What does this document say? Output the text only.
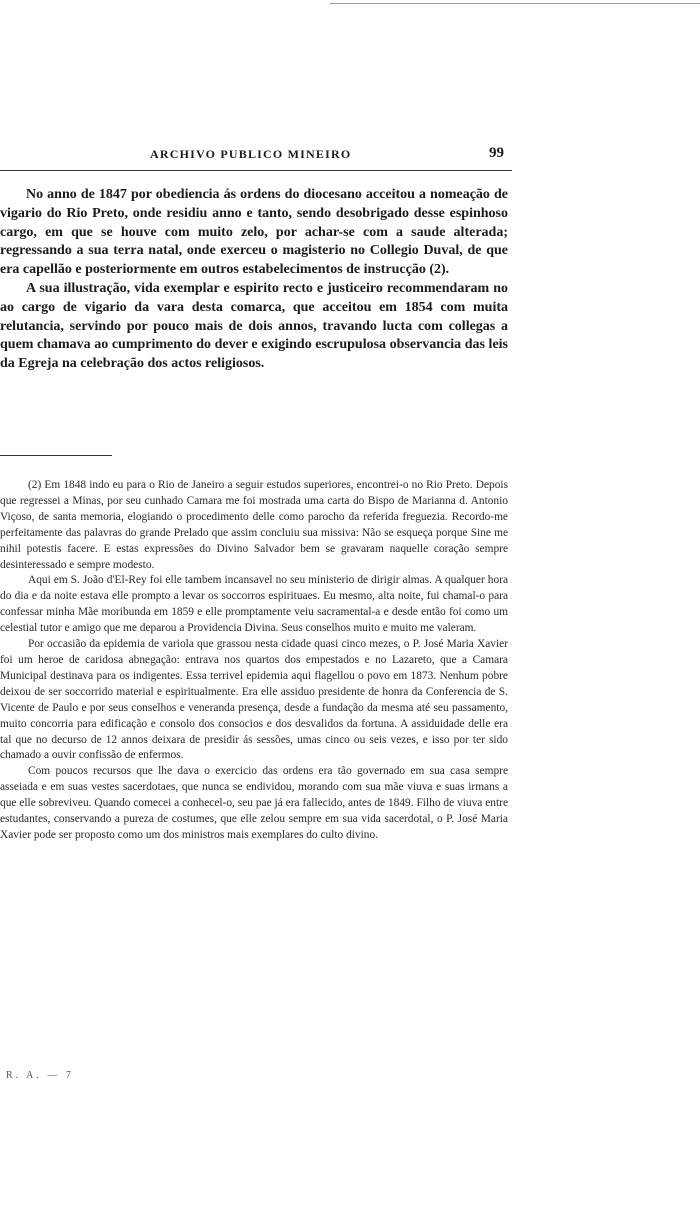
ARCHIVO PUBLICO MINEIRO	99

No anno de 1847 por obediencia ás ordens do diocesano acceitou a nomeação de vigario do Rio Preto, onde residiu anno e tanto, sendo desobrigado desse espinhoso cargo, em que se houve com muito zelo, por achar-se com a saude alterada; regressando a sua terra natal, onde exerceu o magisterio no Collegio Duval, de que era capellão e posteriormente em outros estabelecimentos de instrucção (2).

A sua illustração, vida exemplar e espirito recto e justiceiro recommendaram no ao cargo de vigario da vara desta comarca, que acceitou em 1854 com muita relutancia, servindo por pouco mais de dois annos, travando lucta com collegas a quem chamava ao cumprimento do dever e exigindo escrupulosa observancia das leis da Egreja na celebração dos actos religiosos.

(2) Em 1848 indo eu para o Rio de Janeiro a seguir estudos superiores, encontrei-o no Rio Preto. Depois que regressei a Minas, por seu cunhado Camara me foi mostrada uma carta do Bispo de Marianna d. Antonio Viçoso, de santa memoria, elogiando o procedimento delle como parocho da referida freguezia. Recordo-me perfeitamente das palavras do grande Prelado que assim concluiu sua missiva: Não se esqueça porque Sine me nihil potestis facere. E estas expressões do Divino Salvador bem se gravaram naquelle coração sempre desinteressado e sempre modesto.

Aqui em S. João d'El-Rey foi elle tambem incansavel no seu ministerio de dirigir almas. A qualquer hora do dia e da noite estava elle prompto a levar os soccorros espirituaes. Eu mesmo, alta noite, fui chamal-o para confessar minha Mãe moribunda em 1859 e elle promptamente veiu sacramental-a e desde então foi como um celestial tutor e amigo que me deparou a Providencia Divina. Seus conselhos muito e muito me valeram.

Por occasião da epidemia de variola que grassou nesta cidade quasi cinco mezes, o P. José Maria Xavier foi um heroe de caridosa abnegação: entrava nos quartos dos empestados e no Lazareto, que a Camara Municipal destinava para os indigentes. Essa terrivel epidemia aqui flagellou o povo em 1873. Nenhum pobre deixou de ser soccorrido material e espiritualmente. Era elle assiduo presidente de honra da Conferencia de S. Vicente de Paulo e por seus conselhos e veneranda presença, desde a fundação da mesma até seu passamento, muito concorria para edificação e consolo dos consocios e dos desvalidos da fortuna. A assiduidade delle era tal que no decurso de 12 annos deixara de presidir ás sessões, umas cinco ou seis vezes, e isso por ter sido chamado a ouvir confissão de enfermos.

Com poucos recursos que lhe dava o exercicio das ordens era tão governado em sua casa sempre asseiada e em suas vestes sacerdotaes, que nunca se endividou, morando com sua mãe viuva e suas irmans a que elle sobreviveu. Quando comecei a conhecel-o, seu pae já era fallecido, antes de 1849. Filho de viuva entre estudantes, conservando a pureza de costumes, que elle zelou sempre em sua vida sacerdotal, o P. José Maria Xavier pode ser proposto como um dos ministros mais exemplares do culto divino.

R. A. — 7
